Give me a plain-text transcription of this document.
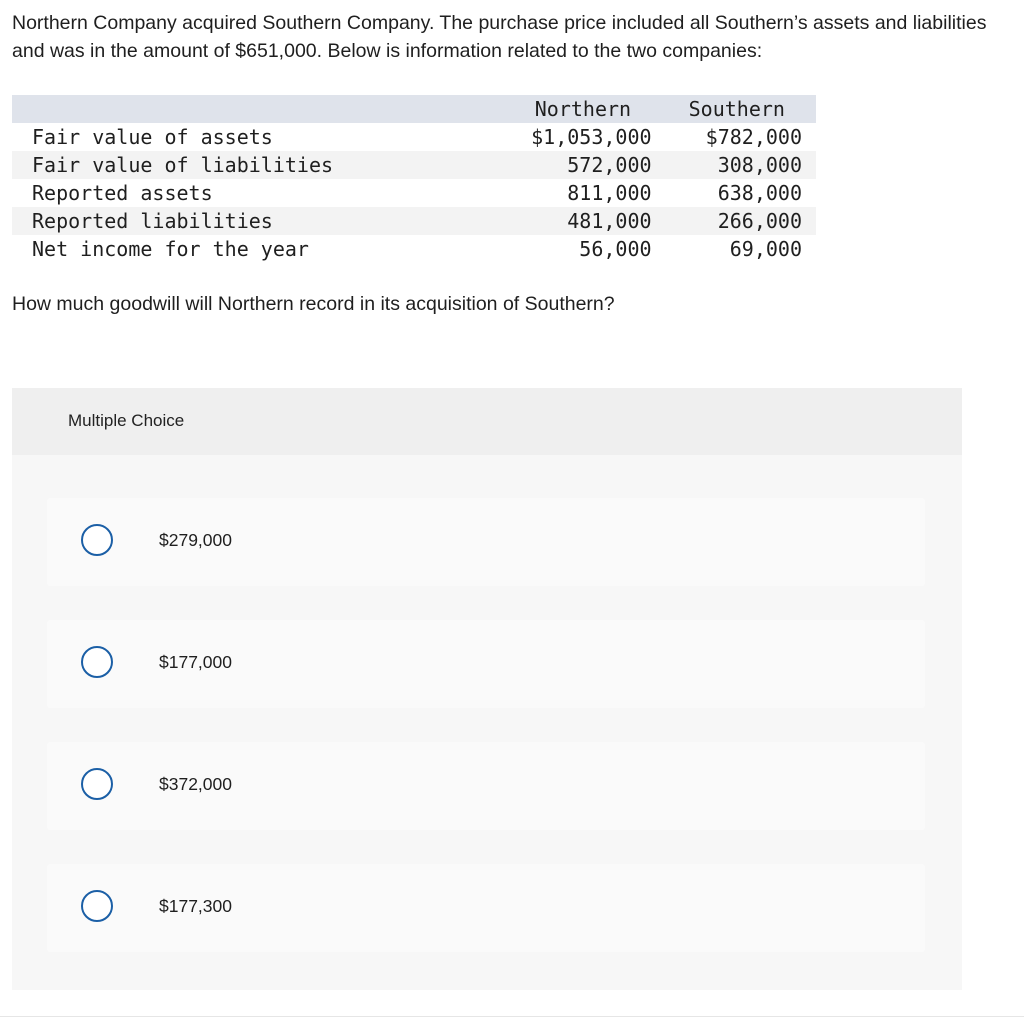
Northern Company acquired Southern Company. The purchase price included all Southern’s assets and liabilities and was in the amount of $651,000. Below is information related to the two companies:
	Northern	Southern
Fair value of assets	$1,053,000	$782,000
Fair value of liabilities	572,000	308,000
Reported assets	811,000	638,000
Reported liabilities	481,000	266,000
Net income for the year	56,000	69,000
How much goodwill will Northern record in its acquisition of Southern?
Multiple Choice
$279,000
$177,000
$372,000
$177,300
